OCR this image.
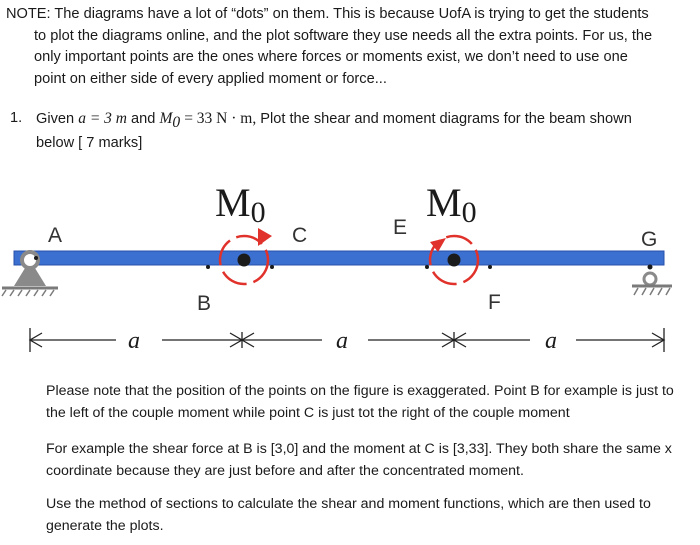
NOTE: The diagrams have a lot of “dots” on them. This is because UofA is trying to get the students
to plot the diagrams online, and the plot software they use needs all the extra points. For us, the
only important points are the ones where forces or moments exist, we don’t need to use one
point on either side of every applied moment or force...

1. Given a = 3 m and $M_0 = 33$ N · m, Plot the shear and moment diagrams for the beam shown
below [ 7 marks]
M0	M0
A
B
C	E
F
G
a	a	a

Please note that the position of the points on the figure is exaggerated. Point B for example is just to the left of the couple moment while point C is just tot the right of the couple moment

For example the shear force at B is [3,0] and the moment at C is [3,33]. They both share the same x coordinate because they are just before and after the concentrated moment.

Use the method of sections to calculate the shear and moment functions, which are then used to generate the plots.
